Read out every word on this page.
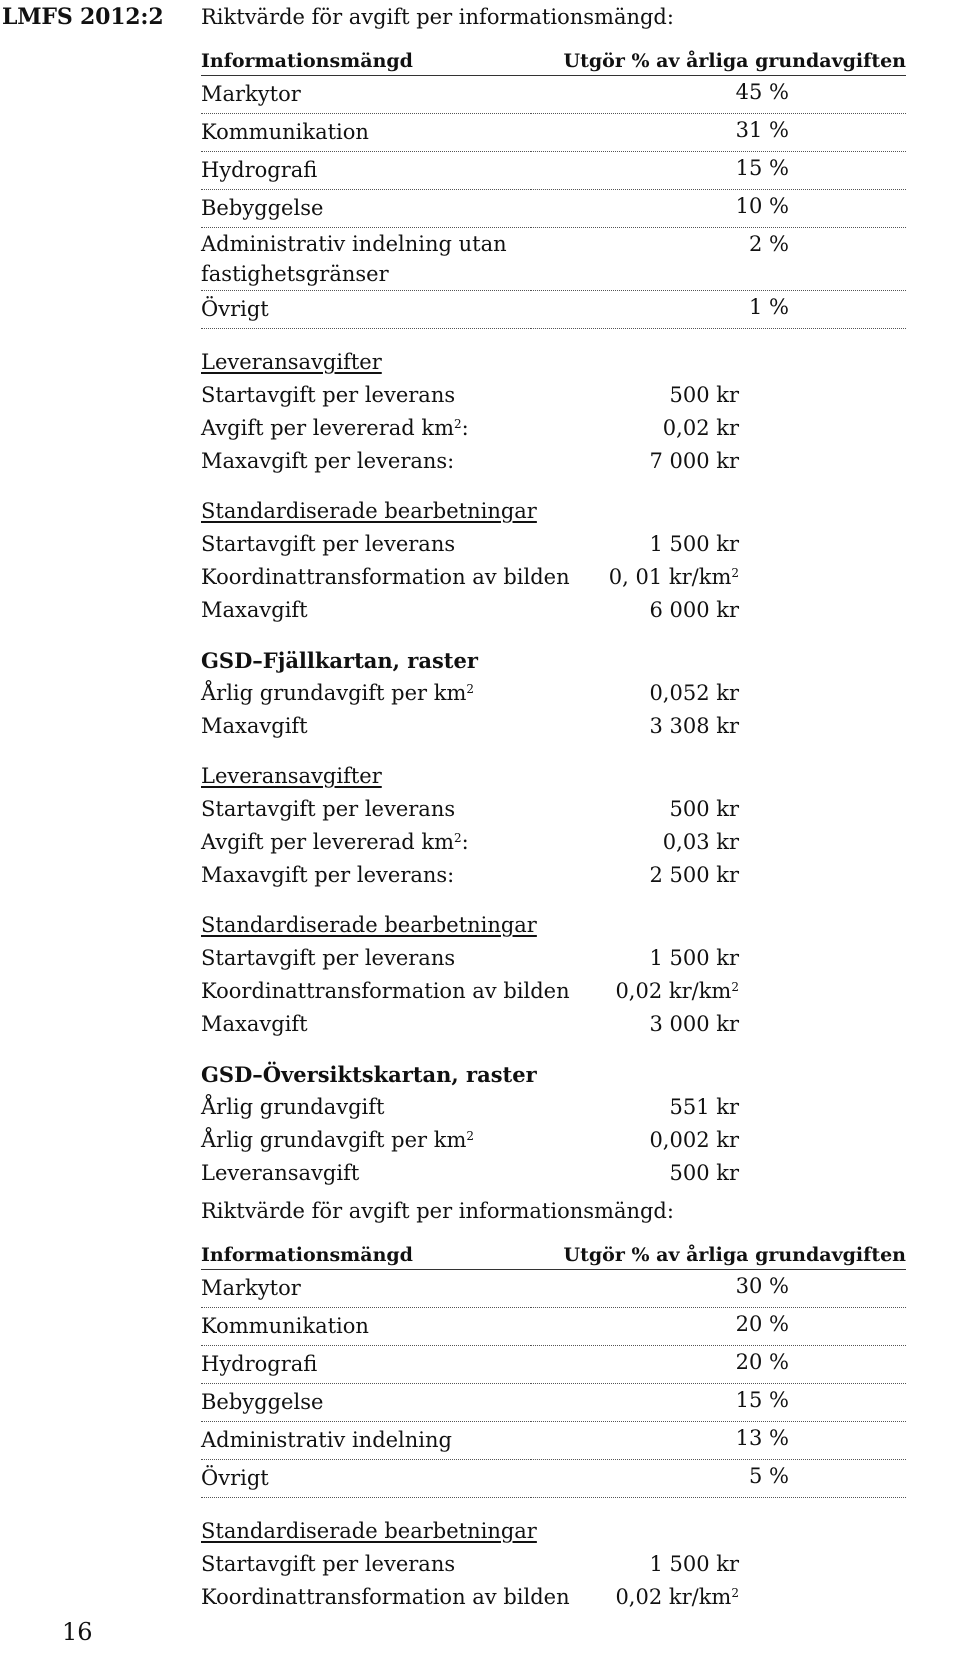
LMFS 2012:2 Riktvärde för avgift per informationsmängd:
Informationsmängd	Utgör % av årliga grundavgiften
Markytor	45 %
Kommunikation	31 %
Hydrografi	15 %
Bebyggelse	10 %
Administrativ indelning utan
fastighetsgränser	2 %
Övrigt	1 %
Leveransavgifter
Startavgift per leverans	500 kr
Avgift per levererad $km^2$:	0,02 kr
Maxavgift per leverans:	7 000 kr
Standardiserade bearbetningar
Startavgift per leverans	1 500 kr
Koordinattransformation av bilden	0, 01 $kr/km^2$
Maxavgift	6 000 kr
GSD–Fjällkartan, raster
Årlig grundavgift per $km^2$	0,052 kr
Maxavgift	3 308 kr
Leveransavgifter
Startavgift per leverans	500 kr
Avgift per levererad $km^2$:	0,03 kr
Maxavgift per leverans:	2 500 kr
Standardiserade bearbetningar
Startavgift per leverans	1 500 kr
Koordinattransformation av bilden	0,02 $kr/km^2$
Maxavgift	3 000 kr
GSD–Översiktskartan, raster
Årlig grundavgift	551 kr
Årlig grundavgift per $km^2$	0,002 kr
Leveransavgift	500 kr
Riktvärde för avgift per informationsmängd:
Informationsmängd	Utgör % av årliga grundavgiften
Markytor	30 %
Kommunikation	20 %
Hydrografi	20 %
Bebyggelse	15 %
Administrativ indelning	13 %
Övrigt	5 %
Standardiserade bearbetningar
Startavgift per leverans	1 500 kr
Koordinattransformation av bilden	0,02 $kr/km^2$
16
